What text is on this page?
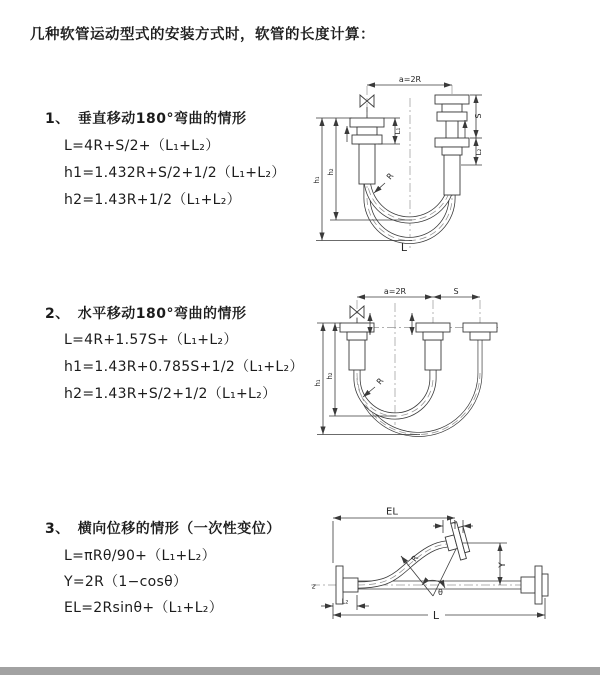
几种软管运动型式的安装方式时，软管的长度计算：
1、 垂直移动180°弯曲的情形
L=4R+S/2+（L₁+L₂）
h1=1.432R+S/2+1/2（L₁+L₂）
h2=1.43R+1/2（L₁+L₂）
2、 水平移动180°弯曲的情形
L=4R+1.57S+（L₁+L₂）
h1=1.43R+0.785S+1/2（L₁+L₂）
h2=1.43R+S/2+1/2（L₁+L₂）
3、 横向位移的情形（一次性变位）
L=πRθ/90+（L₁+L₂）
Y=2R（1−cosθ）
EL=2Rsinθ+（L₁+L₂）
a=2R
h₁
h₂
L₁
S
L₂
R
L
a=2R	S
h₁
h₂
R
z
EL
L₁
Y
L₂
L
θ
R
